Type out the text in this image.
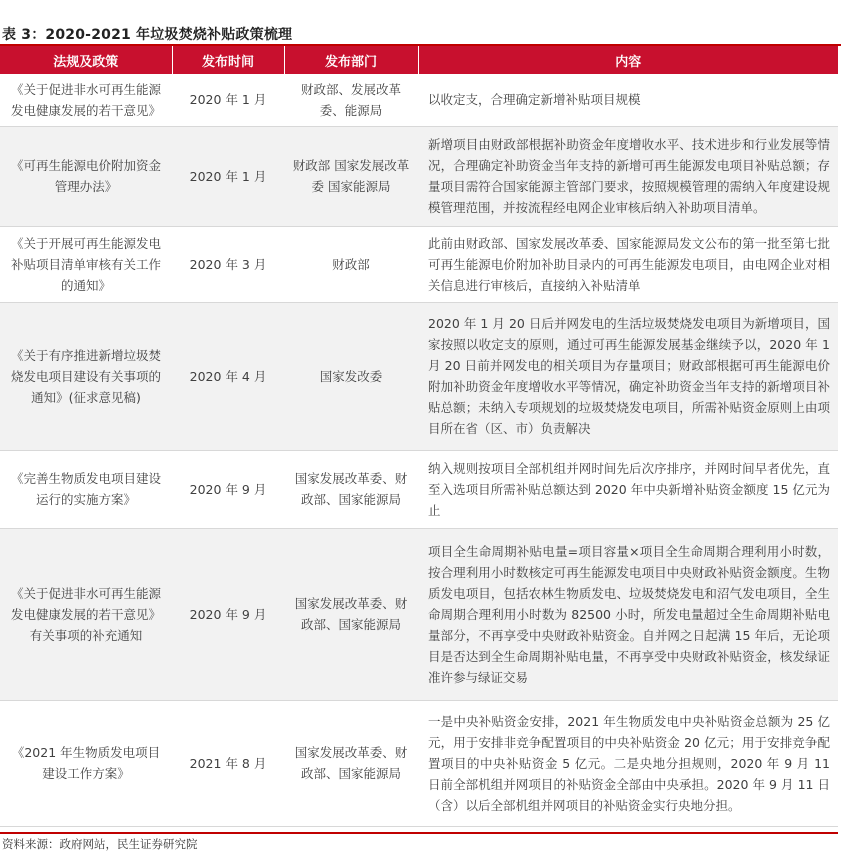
表 3：2020-2021 年垃圾焚烧补贴政策梳理
法规及政策	发布时间	发布部门	内容
《关于促进非水可再生能源发电健康发展的若干意见》	2020 年 1 月	财政部、发展改革委、能源局	以收定支，合理确定新增补贴项目规模
《可再生能源电价附加资金管理办法》	2020 年 1 月	财政部 国家发展改革委 国家能源局	新增项目由财政部根据补助资金年度增收水平、技术进步和行业发展等情况，合理确定补助资金当年支持的新增可再生能源发电项目补贴总额；存量项目需符合国家能源主管部门要求，按照规模管理的需纳入年度建设规模管理范围，并按流程经电网企业审核后纳入补助项目清单。
《关于开展可再生能源发电补贴项目清单审核有关工作的通知》	2020 年 3 月	财政部	此前由财政部、国家发展改革委、国家能源局发文公布的第一批至第七批可再生能源电价附加补助目录内的可再生能源发电项目，由电网企业对相关信息进行审核后，直接纳入补贴清单
《关于有序推进新增垃圾焚烧发电项目建设有关事项的通知》(征求意见稿)	2020 年 4 月	国家发改委	2020 年 1 月 20 日后并网发电的生活垃圾焚烧发电项目为新增项目，国家按照以收定支的原则，通过可再生能源发展基金继续予以，2020 年 1 月 20 日前并网发电的相关项目为存量项目；财政部根据可再生能源电价附加补助资金年度增收水平等情况，确定补助资金当年支持的新增项目补贴总额；未纳入专项规划的垃圾焚烧发电项目，所需补贴资金原则上由项目所在省（区、市）负责解决
《完善生物质发电项目建设运行的实施方案》	2020 年 9 月	国家发展改革委、财政部、国家能源局	纳入规则按项目全部机组并网时间先后次序排序，并网时间早者优先，直至入选项目所需补贴总额达到 2020 年中央新增补贴资金额度 15 亿元为止
《关于促进非水可再生能源发电健康发展的若干意见》有关事项的补充通知	2020 年 9 月	国家发展改革委、财政部、国家能源局	项目全生命周期补贴电量=项目容量×项目全生命周期合理利用小时数，按合理利用小时数核定可再生能源发电项目中央财政补贴资金额度。生物质发电项目，包括农林生物质发电、垃圾焚烧发电和沼气发电项目，全生命周期合理利用小时数为 82500 小时，所发电量超过全生命周期补贴电量部分，不再享受中央财政补贴资金。自并网之日起满 15 年后，无论项目是否达到全生命周期补贴电量，不再享受中央财政补贴资金，核发绿证准许参与绿证交易
《2021 年生物质发电项目建设工作方案》	2021 年 8 月	国家发展改革委、财政部、国家能源局	一是中央补贴资金安排，2021 年生物质发电中央补贴资金总额为 25 亿元，用于安排非竞争配置项目的中央补贴资金 20 亿元；用于安排竞争配置项目的中央补贴资金 5 亿元。二是央地分担规则，2020 年 9 月 11 日前全部机组并网项目的补贴资金全部由中央承担。2020 年 9 月 11 日（含）以后全部机组并网项目的补贴资金实行央地分担。
资料来源：政府网站，民生证券研究院
